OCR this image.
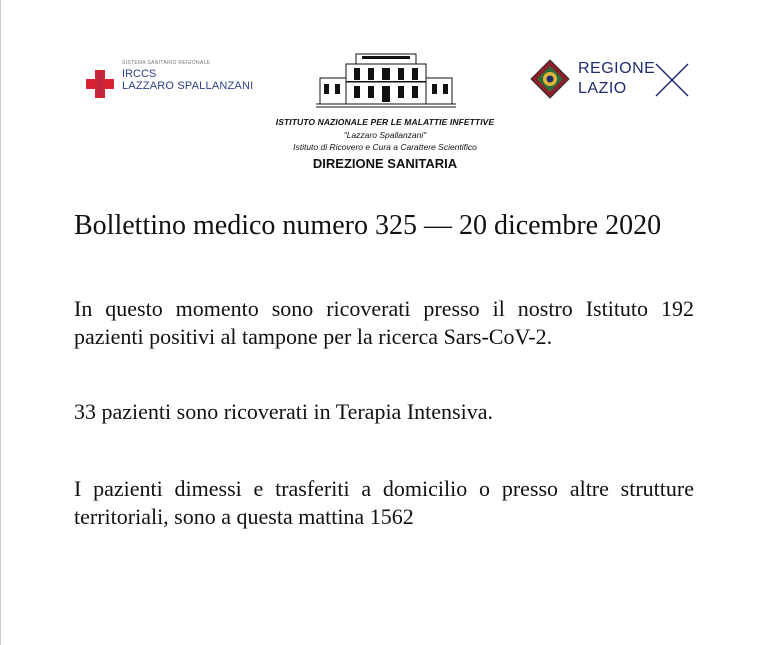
SISTEMA SANITARIO REGIONALE
IRCCS
LAZZARO SPALLANZANI
REGIONE
LAZIO
ISTITUTO NAZIONALE PER LE MALATTIE INFETTIVE
"Lazzaro Spallanzani"
Istituto di Ricovero e Cura a Carattere Scientifico
DIREZIONE SANITARIA
Bollettino medico numero 325 — 20 dicembre 2020
In questo momento sono ricoverati presso il nostro Istituto 192 pazienti positivi al tampone per la ricerca Sars-CoV-2.
33 pazienti sono ricoverati in Terapia Intensiva.
I pazienti dimessi e trasferiti a domicilio o presso altre strutture territoriali, sono a questa mattina 1562
